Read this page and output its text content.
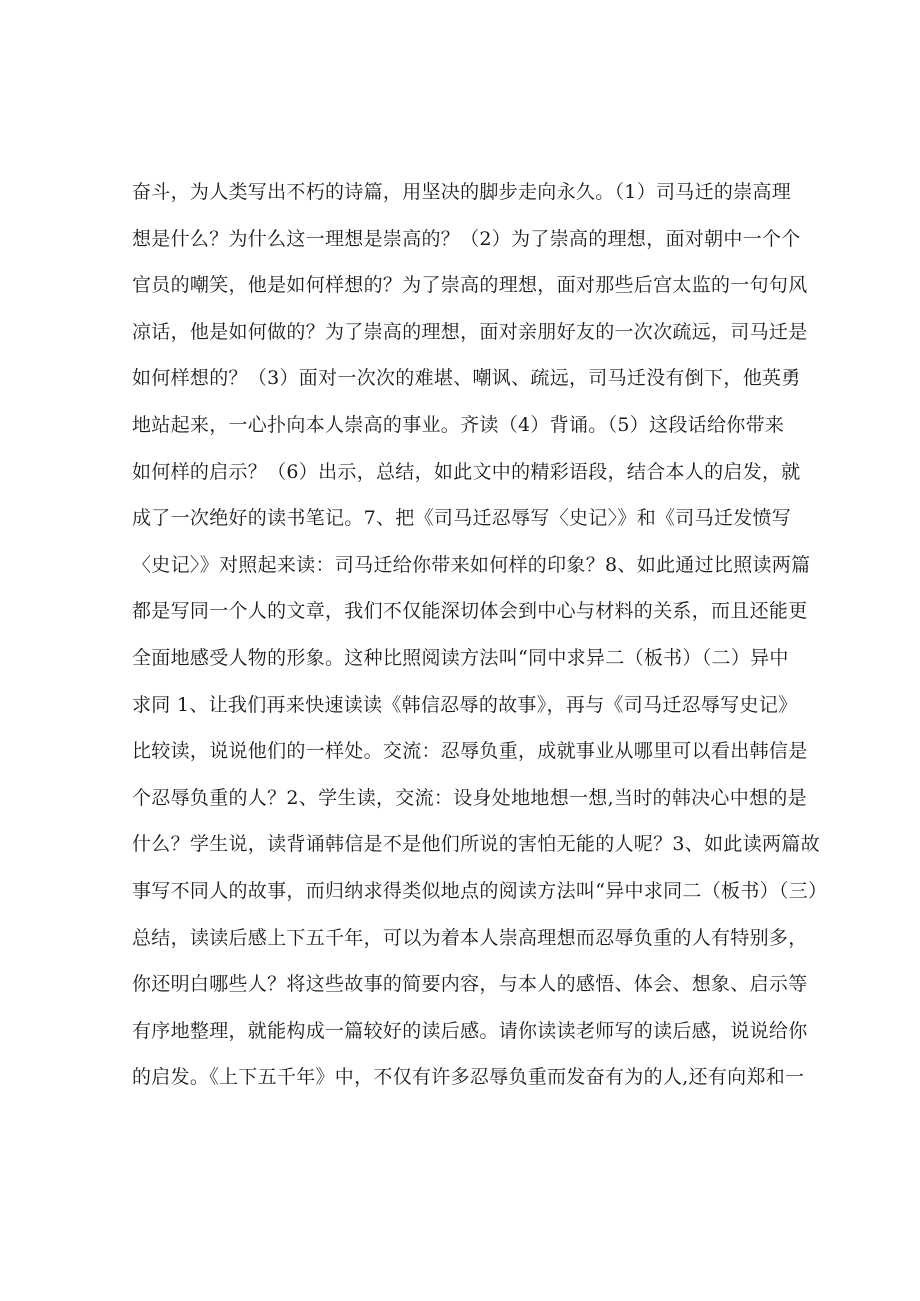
奋斗，为人类写出不朽的诗篇，用坚决的脚步走向永久。（1）司马迁的崇高理
想是什么？为什么这一理想是崇高的？（2）为了崇高的理想，面对朝中一个个
官员的嘲笑，他是如何样想的？为了崇高的理想，面对那些后宫太监的一句句风
凉话，他是如何做的？为了崇高的理想，面对亲朋好友的一次次疏远，司马迁是
如何样想的？（3）面对一次次的难堪、嘲讽、疏远，司马迁没有倒下，他英勇
地站起来，一心扑向本人崇高的事业。齐读（4）背诵。（5）这段话给你带来
如何样的启示？（6）出示，总结，如此文中的精彩语段，结合本人的启发，就
成了一次绝好的读书笔记。7、把《司马迁忍辱写〈史记〉》和《司马迁发愤写
〈史记〉》对照起来读：司马迁给你带来如何样的印象？8、如此通过比照读两篇
都是写同一个人的文章，我们不仅能深切体会到中心与材料的关系，而且还能更
全面地感受人物的形象。这种比照阅读方法叫“同中求异二（板书）（二）异中
求同 1、让我们再来快速读读《韩信忍辱的故事》，再与《司马迁忍辱写史记》
比较读，说说他们的一样处。交流：忍辱负重，成就事业从哪里可以看出韩信是
个忍辱负重的人？2、学生读，交流：设身处地地想一想,当时的韩决心中想的是
什么？学生说，读背诵韩信是不是他们所说的害怕无能的人呢？3、如此读两篇故
事写不同人的故事，而归纳求得类似地点的阅读方法叫“异中求同二（板书）（三）
总结，读读后感上下五千年，可以为着本人崇高理想而忍辱负重的人有特别多，
你还明白哪些人？将这些故事的简要内容，与本人的感悟、体会、想象、启示等
有序地整理，就能构成一篇较好的读后感。请你读读老师写的读后感，说说给你
的启发。《上下五千年》中，不仅有许多忍辱负重而发奋有为的人,还有向郑和一
